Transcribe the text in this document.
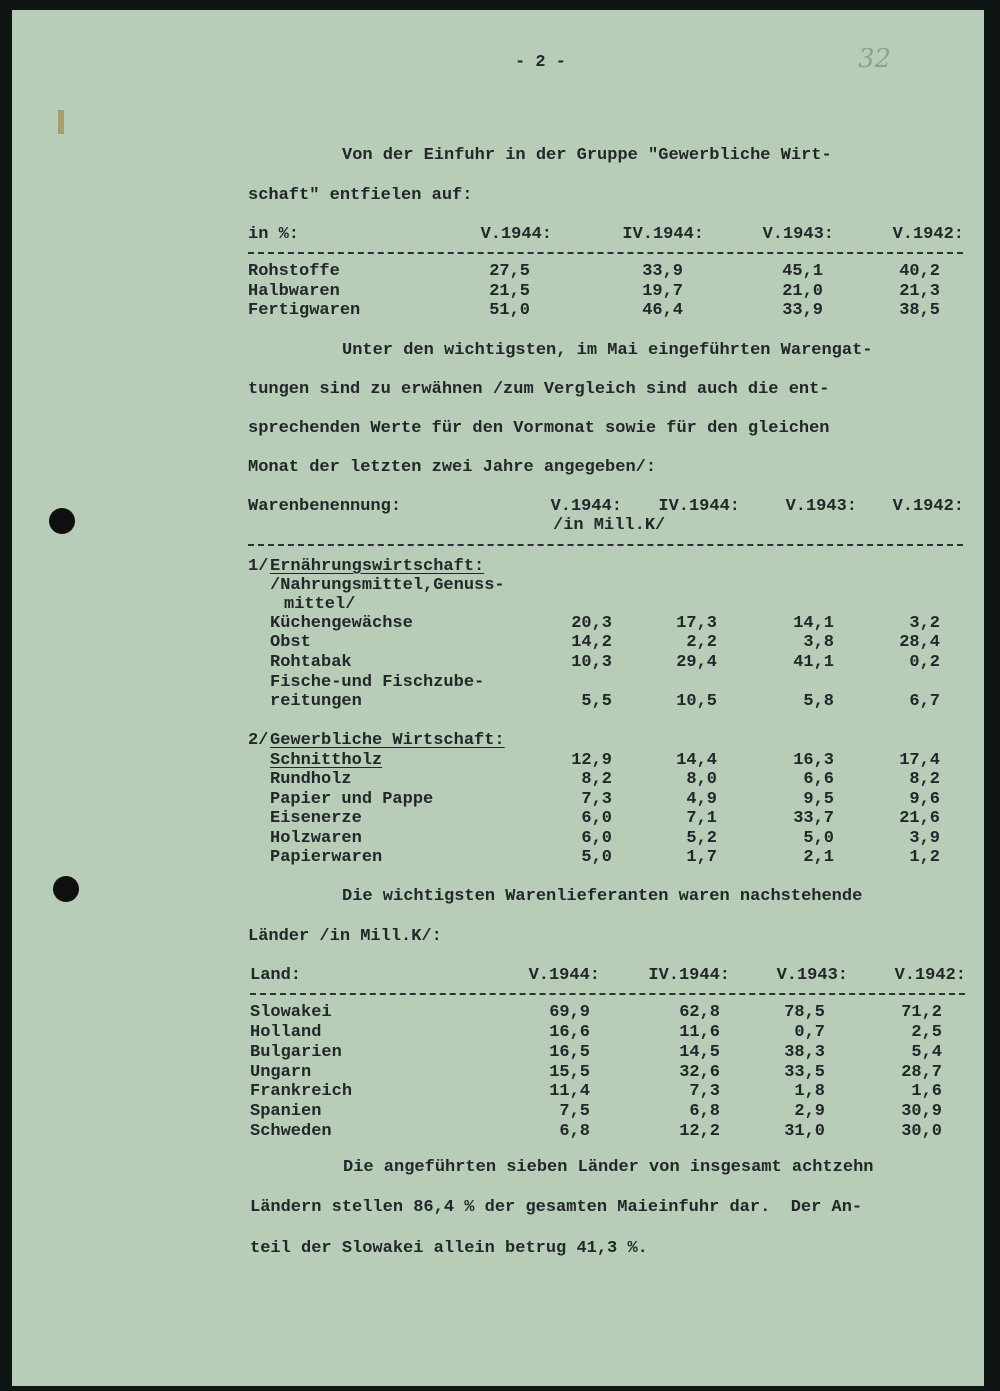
- 2 -	32
Von der Einfuhr in der Gruppe "Gewerbliche Wirt-
schaft" entfielen auf:
in %:	V.1944:	IV.1944:	V.1943:	V.1942:
Rohstoffe	27,5	33,9	45,1	40,2
Halbwaren	21,5	19,7	21,0	21,3
Fertigwaren	51,0	46,4	33,9	38,5
Unter den wichtigsten, im Mai eingeführten Warengat-
tungen sind zu erwähnen /zum Vergleich sind auch die ent-
sprechenden Werte für den Vormonat sowie für den gleichen
Monat der letzten zwei Jahre angegeben/:
Warenbenennung:	V.1944:	IV.1944:	V.1943:	V.1942:
/in Mill.K/
1/ Ernährungswirtschaft:
/Nahrungsmittel,Genuss-
mittel/
Küchengewächse	20,3	17,3	14,1	3,2
Obst	14,2	2,2	3,8	28,4
Rohtabak	10,3	29,4	41,1	0,2
Fische-und Fischzube-
reitungen	5,5	10,5	5,8	6,7
2/ Gewerbliche Wirtschaft:
Schnittholz	12,9	14,4	16,3	17,4
Rundholz	8,2	8,0	6,6	8,2
Papier und Pappe	7,3	4,9	9,5	9,6
Eisenerze	6,0	7,1	33,7	21,6
Holzwaren	6,0	5,2	5,0	3,9
Papierwaren	5,0	1,7	2,1	1,2
Die wichtigsten Warenlieferanten waren nachstehende
Länder /in Mill.K/:
Land:	V.1944:	IV.1944:	V.1943:	V.1942:
Slowakei	69,9	62,8	78,5	71,2
Holland	16,6	11,6	0,7	2,5
Bulgarien	16,5	14,5	38,3	5,4
Ungarn	15,5	32,6	33,5	28,7
Frankreich	11,4	7,3	1,8	1,6
Spanien	7,5	6,8	2,9	30,9
Schweden	6,8	12,2	31,0	30,0
Die angeführten sieben Länder von insgesamt achtzehn
Ländern stellen 86,4 % der gesamten Maieinfuhr dar.  Der An-
teil der Slowakei allein betrug 41,3 %.
